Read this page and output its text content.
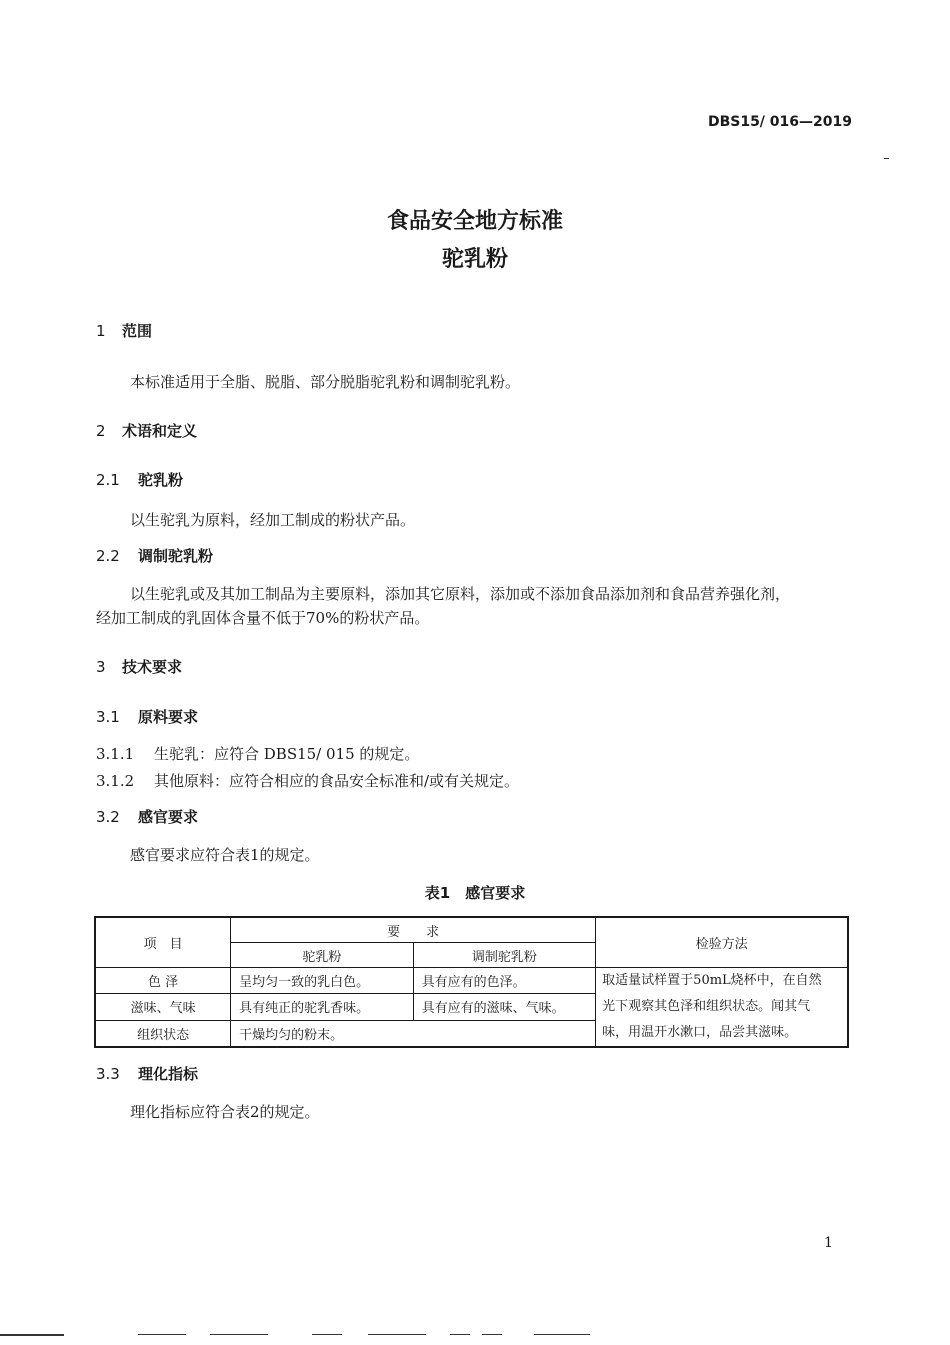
DBS15/ 016—2019
食品安全地方标准
驼乳粉
1 范围
本标准适用于全脂、脱脂、部分脱脂驼乳粉和调制驼乳粉。
2 术语和定义
2.1 驼乳粉
以生驼乳为原料，经加工制成的粉状产品。
2.2 调制驼乳粉
以生驼乳或及其加工制品为主要原料，添加其它原料，添加或不添加食品添加剂和食品营养强化剂，
经加工制成的乳固体含量不低于70%的粉状产品。
3 技术要求
3.1 原料要求
3.1.1 生驼乳：应符合 DBS15/ 015 的规定。
3.1.2 其他原料：应符合相应的食品安全标准和/或有关规定。
3.2 感官要求
感官要求应符合表1的规定。
表1　感官要求
项　目	要　　求		检验方法
	驼乳粉	调制驼乳粉	
色 泽	呈均匀一致的乳白色。	具有应有的色泽。	取适量试样置于50mL烧杯中，在自然
光下观察其色泽和组织状态。闻其气
味，用温开水漱口，品尝其滋味。

滋味、气味	具有纯正的驼乳香味。	具有应有的滋味、气味。	
组织状态	干燥均匀的粉末。		
3.3 理化指标
理化指标应符合表2的规定。
1
